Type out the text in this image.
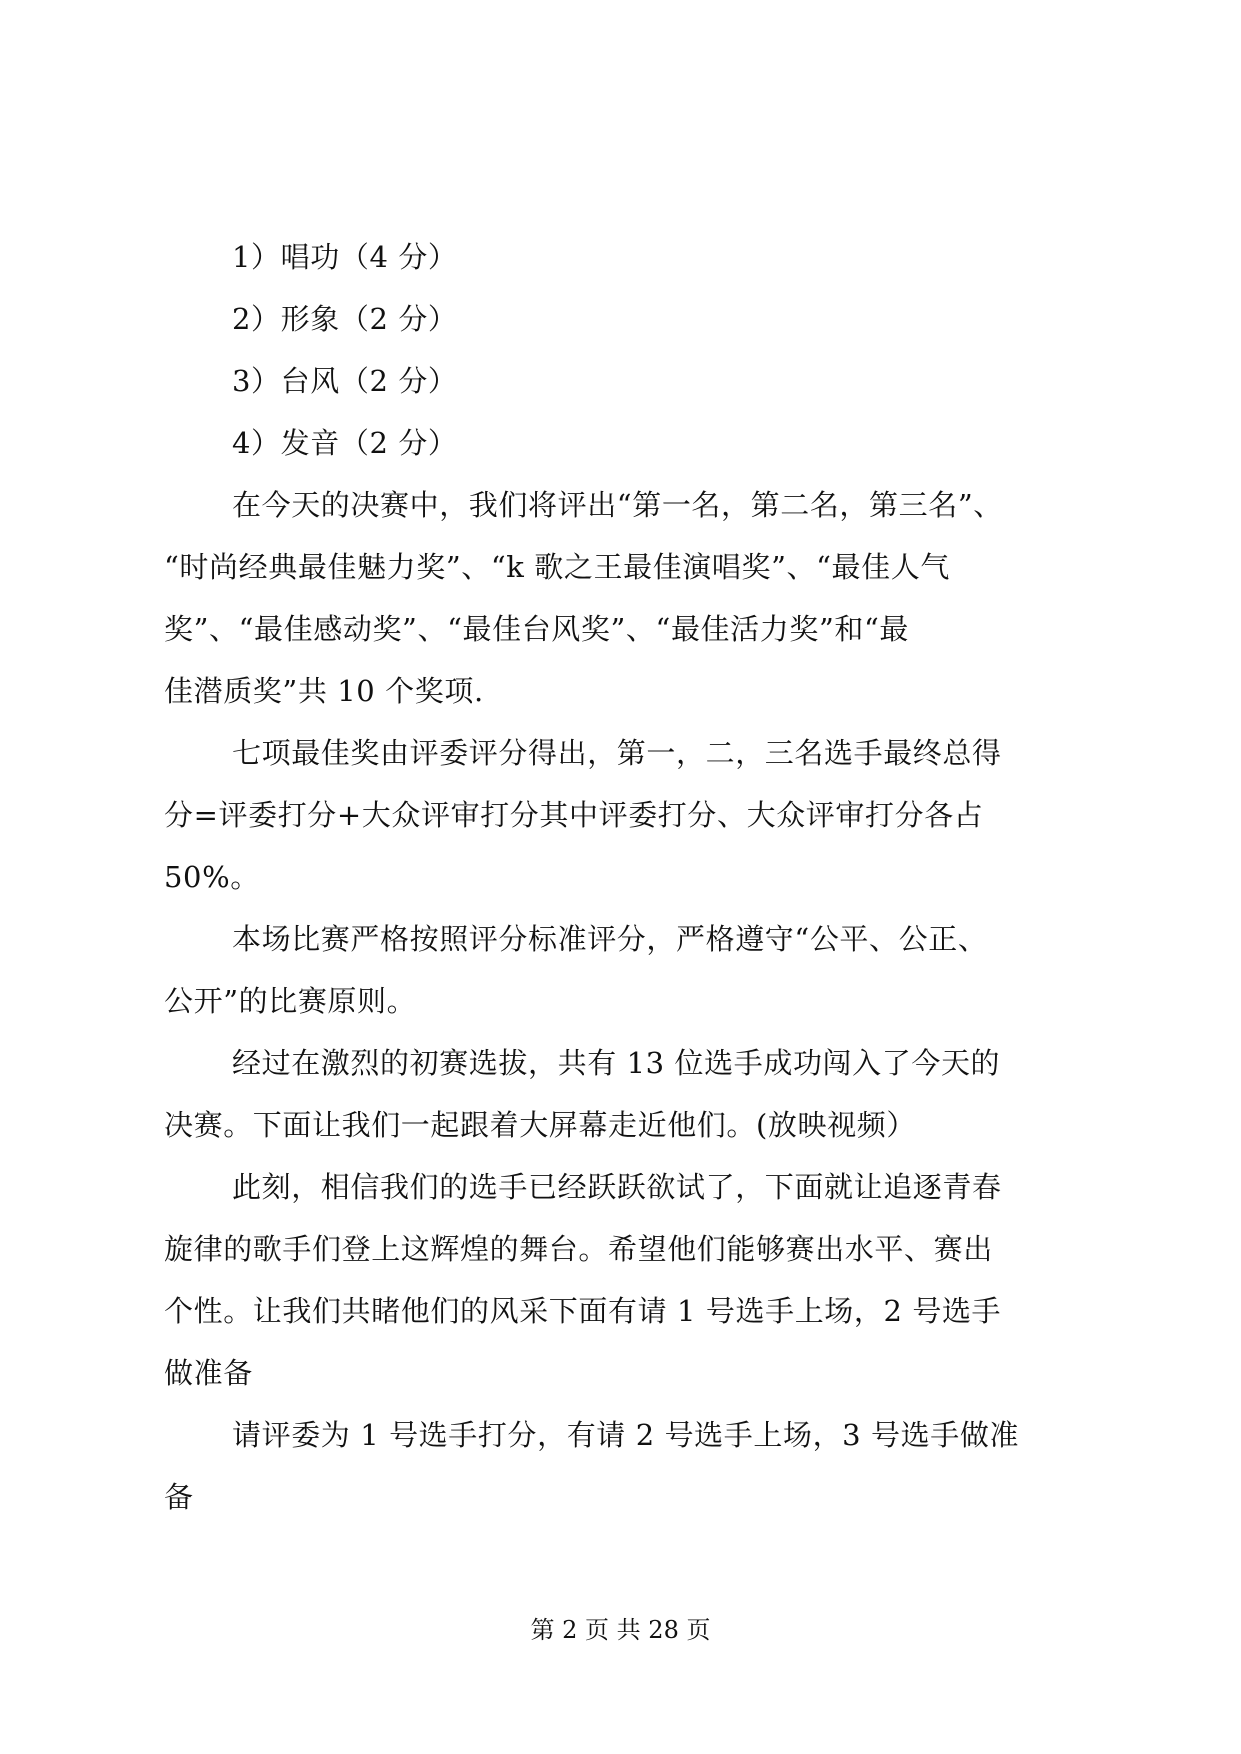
1）唱功（4 分）
2）形象（2 分）
3）台风（2 分）
4）发音（2 分）
在今天的决赛中，我们将评出“第一名，第二名，第三名”、
“时尚经典最佳魅力奖”、“k 歌之王最佳演唱奖”、“最佳人气
奖”、“最佳感动奖”、“最佳台风奖”、“最佳活力奖”和“最
佳潜质奖”共 10 个奖项.
七项最佳奖由评委评分得出，第一，二，三名选手最终总得
分=评委打分+大众评审打分其中评委打分、大众评审打分各占
50%。
本场比赛严格按照评分标准评分，严格遵守“公平、公正、
公开”的比赛原则。
经过在激烈的初赛选拔，共有 13 位选手成功闯入了今天的
决赛。下面让我们一起跟着大屏幕走近他们。(放映视频）
此刻，相信我们的选手已经跃跃欲试了，下面就让追逐青春
旋律的歌手们登上这辉煌的舞台。希望他们能够赛出水平、赛出
个性。让我们共睹他们的风采下面有请 1 号选手上场，2 号选手
做准备
请评委为 1 号选手打分，有请 2 号选手上场，3 号选手做准
备
第 2 页 共 28 页
